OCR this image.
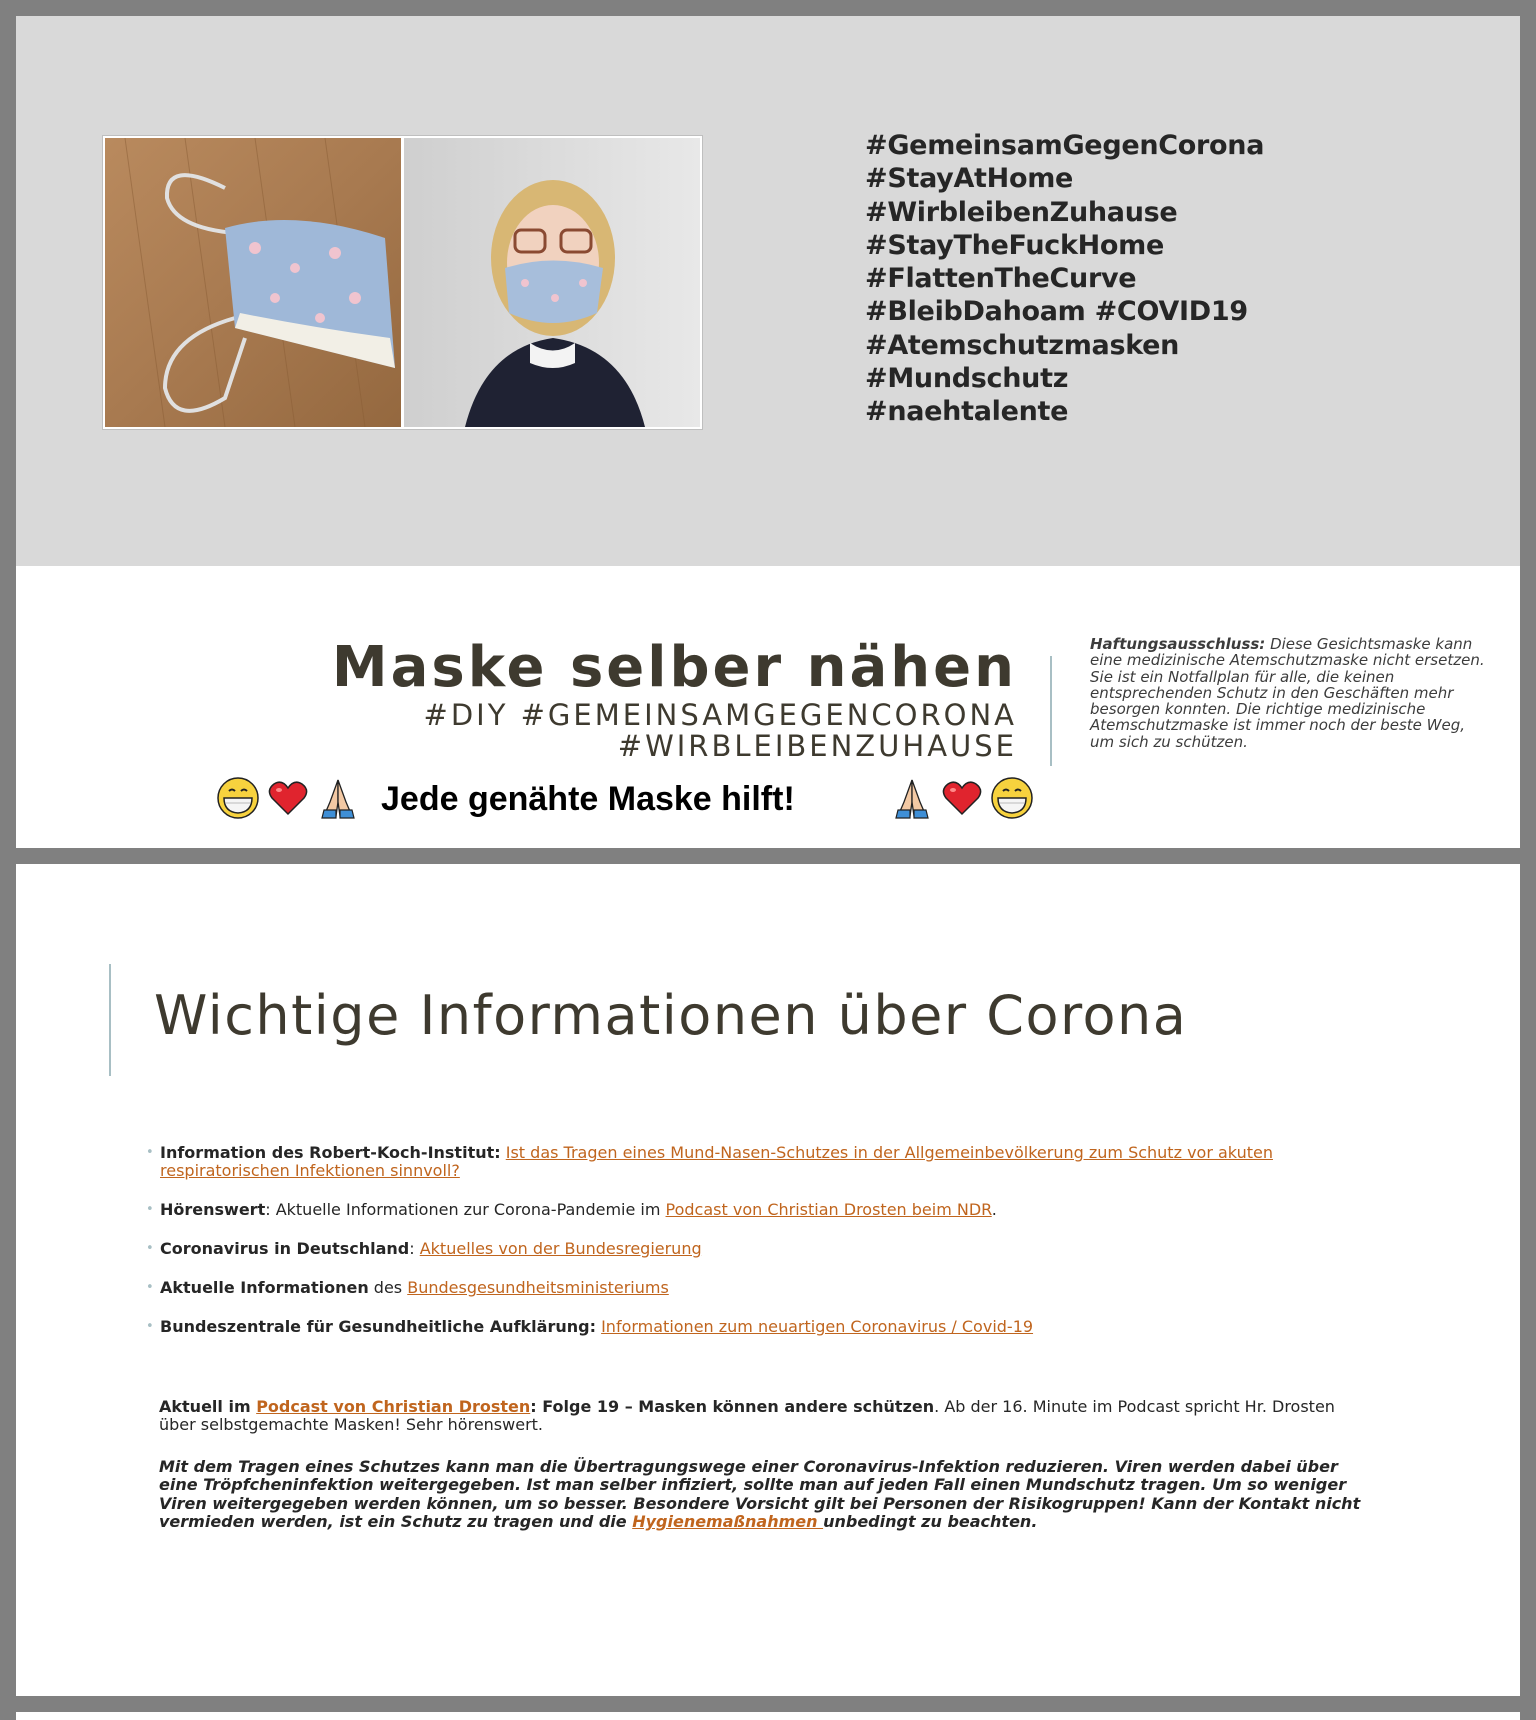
#GemeinsamGegenCorona
#StayAtHome
#WirbleibenZuhause
#StayTheFuckHome
#FlattenTheCurve
#BleibDahoam #COVID19
#Atemschutzmasken
#Mundschutz
#naehtalente
Maske selber nähen
#DIY #GEMEINSAMGEGENCORONA
#WIRBLEIBENZUHAUSE
Haftungsausschluss: Diese Gesichtsmaske kann eine medizinische Atemschutzmaske nicht ersetzen. Sie ist ein Notfallplan für alle, die keinen entsprechenden Schutz in den Geschäften mehr besorgen konnten. Die richtige medizinische Atemschutzmaske ist immer noch der beste Weg, um sich zu schützen.
Jede genähte Maske hilft!
Wichtige Informationen über Corona
• Information des Robert-Koch-Institut: Ist das Tragen eines Mund-Nasen-Schutzes in der Allgemeinbevölkerung zum Schutz vor akuten respiratorischen Infektionen sinnvoll?
• Hörenswert: Aktuelle Informationen zur Corona-Pandemie im Podcast von Christian Drosten beim NDR.
• Coronavirus in Deutschland: Aktuelles von der Bundesregierung
• Aktuelle Informationen des Bundesgesundheitsministeriums
• Bundeszentrale für Gesundheitliche Aufklärung: Informationen zum neuartigen Coronavirus / Covid-19
Aktuell im Podcast von Christian Drosten: Folge 19 – Masken können andere schützen. Ab der 16. Minute im Podcast spricht Hr. Drosten über selbstgemachte Masken! Sehr hörenswert.
Mit dem Tragen eines Schutzes kann man die Übertragungswege einer Coronavirus-Infektion reduzieren. Viren werden dabei über eine Tröpfcheninfektion weitergegeben. Ist man selber infiziert, sollte man auf jeden Fall einen Mundschutz tragen. Um so weniger Viren weitergegeben werden können, um so besser. Besondere Vorsicht gilt bei Personen der Risikogruppen! Kann der Kontakt nicht vermieden werden, ist ein Schutz zu tragen und die Hygienemaßnahmen unbedingt zu beachten.
